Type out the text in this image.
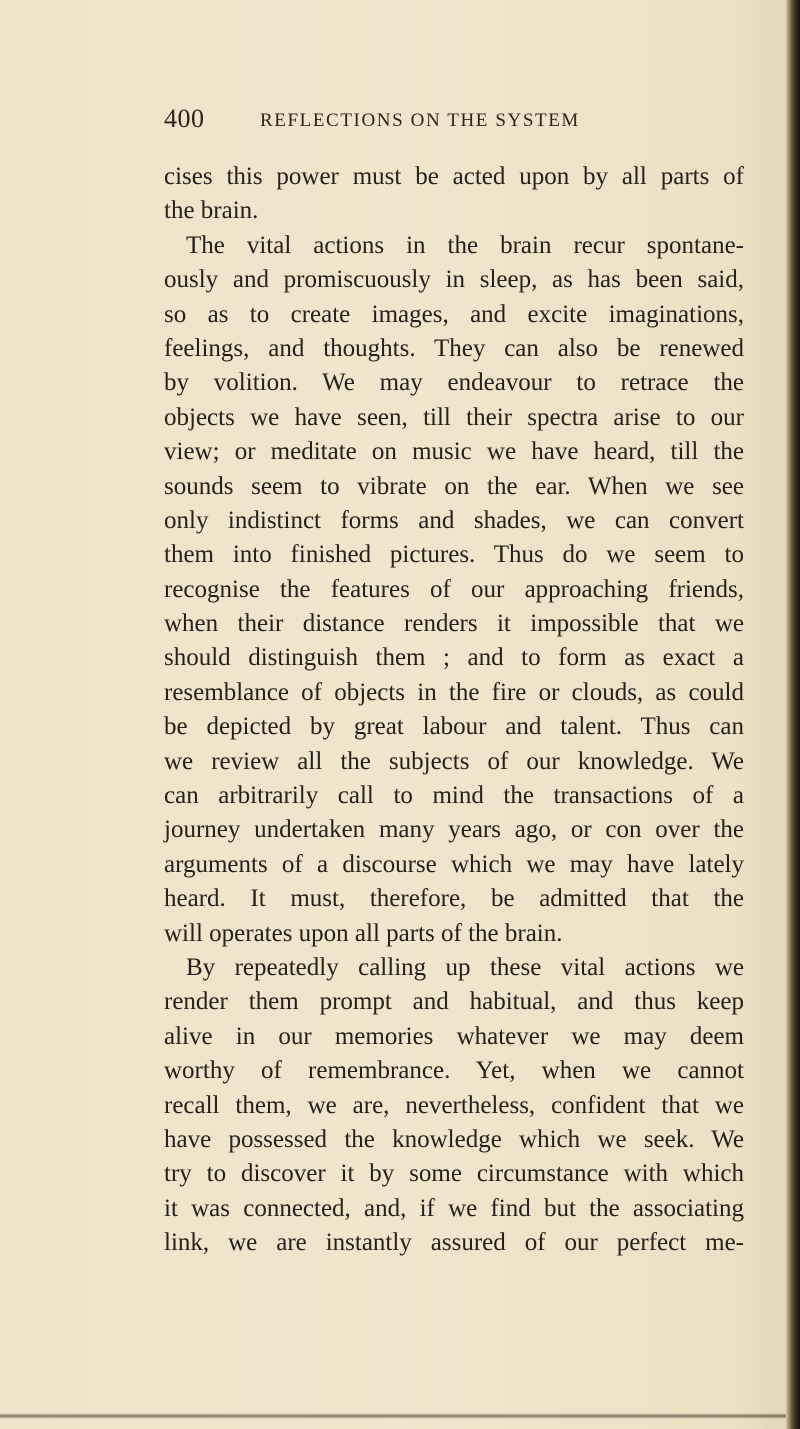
400	REFLECTIONS ON THE SYSTEM
cises this power must be acted upon by all parts of
the brain.
The vital actions in the brain recur spontane-
ously and promiscuously in sleep, as has been said,
so as to create images, and excite imaginations,
feelings, and thoughts. They can also be renewed
by volition. We may endeavour to retrace the
objects we have seen, till their spectra arise to our
view; or meditate on music we have heard, till the
sounds seem to vibrate on the ear. When we see
only indistinct forms and shades, we can convert
them into finished pictures. Thus do we seem to
recognise the features of our approaching friends,
when their distance renders it impossible that we
should distinguish them ; and to form as exact a
resemblance of objects in the fire or clouds, as could
be depicted by great labour and talent. Thus can
we review all the subjects of our knowledge. We
can arbitrarily call to mind the transactions of a
journey undertaken many years ago, or con over the
arguments of a discourse which we may have lately
heard. It must, therefore, be admitted that the
will operates upon all parts of the brain.
By repeatedly calling up these vital actions we
render them prompt and habitual, and thus keep
alive in our memories whatever we may deem
worthy of remembrance. Yet, when we cannot
recall them, we are, nevertheless, confident that we
have possessed the knowledge which we seek. We
try to discover it by some circumstance with which
it was connected, and, if we find but the associating
link, we are instantly assured of our perfect me-
